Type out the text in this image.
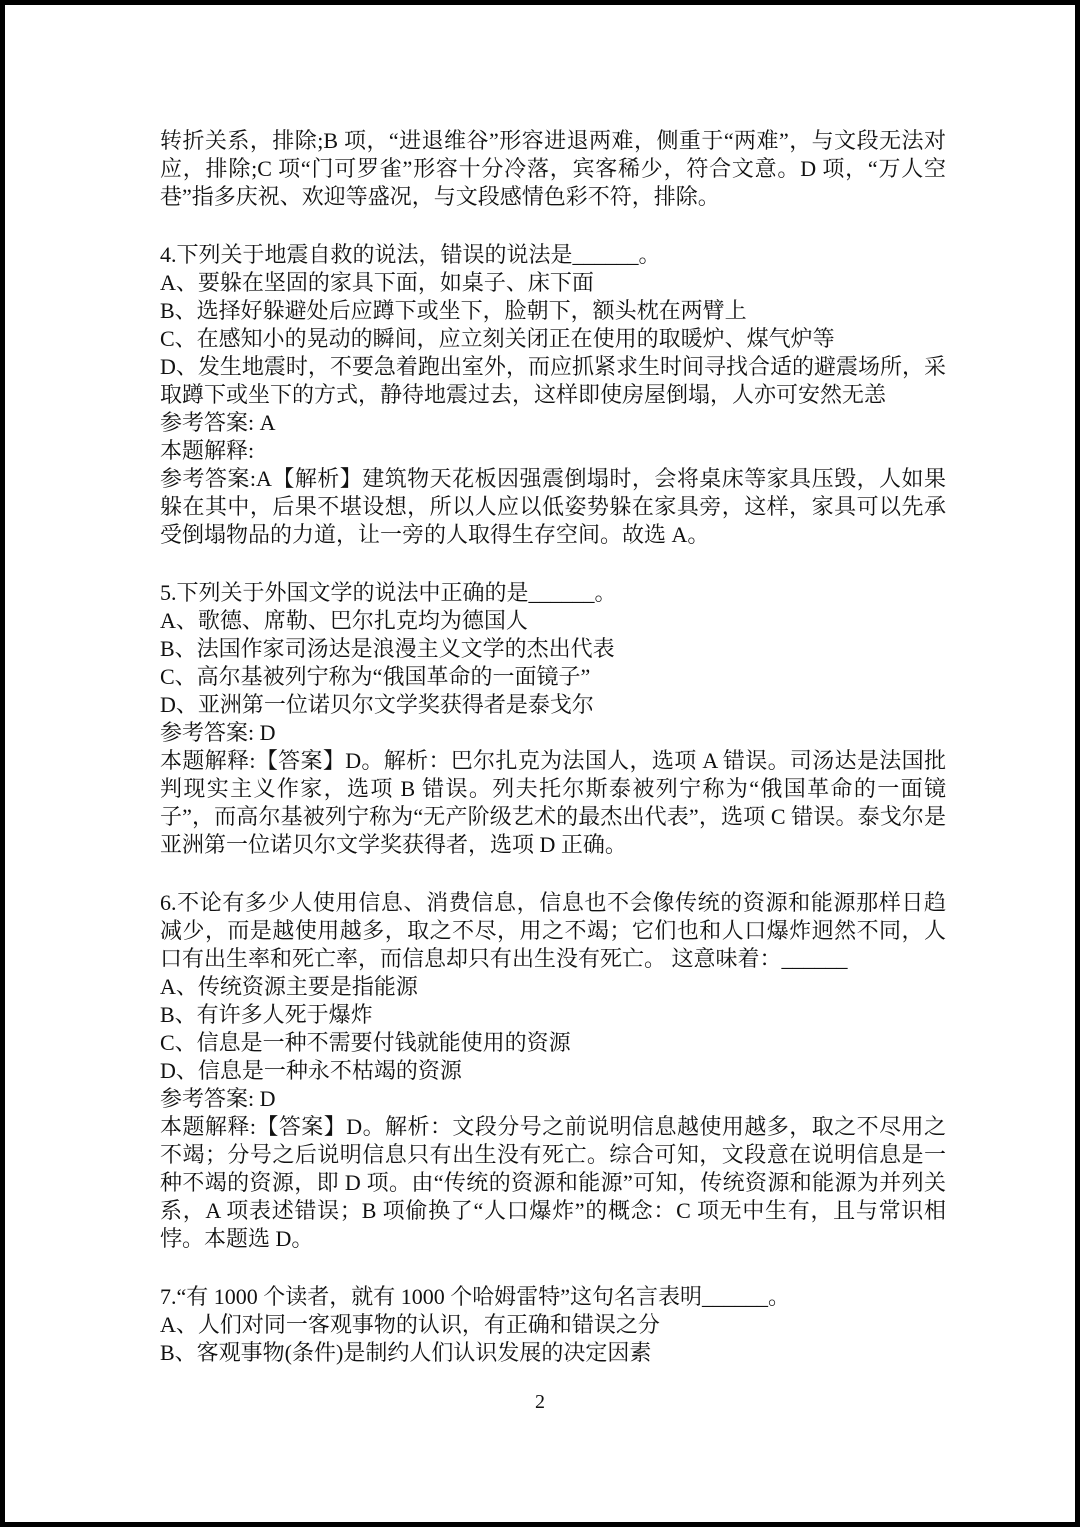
转折关系，排除;B 项，“进退维谷”形容进退两难，侧重于“两难”，与文段无法对应，排除;C 项“门可罗雀”形容十分冷落，宾客稀少，符合文意。D 项，“万人空巷”指多庆祝、欢迎等盛况，与文段感情色彩不符，排除。

4.下列关于地震自救的说法，错误的说法是______。

A、要躲在坚固的家具下面，如桌子、床下面

B、选择好躲避处后应蹲下或坐下，脸朝下，额头枕在两臂上

C、在感知小的晃动的瞬间，应立刻关闭正在使用的取暖炉、煤气炉等

D、发生地震时，不要急着跑出室外，而应抓紧求生时间寻找合适的避震场所，采取蹲下或坐下的方式，静待地震过去，这样即使房屋倒塌，人亦可安然无恙

参考答案: A

本题解释:

参考答案:A【解析】建筑物天花板因强震倒塌时，会将桌床等家具压毁，人如果躲在其中，后果不堪设想，所以人应以低姿势躲在家具旁，这样，家具可以先承受倒塌物品的力道，让一旁的人取得生存空间。故选 A。

5.下列关于外国文学的说法中正确的是______。

A、歌德、席勒、巴尔扎克均为德国人

B、法国作家司汤达是浪漫主义文学的杰出代表

C、高尔基被列宁称为“俄国革命的一面镜子”

D、亚洲第一位诺贝尔文学奖获得者是泰戈尔

参考答案: D

本题解释:【答案】D。解析：巴尔扎克为法国人，选项 A 错误。司汤达是法国批判现实主义作家，选项 B 错误。列夫托尔斯泰被列宁称为“俄国革命的一面镜子”，而高尔基被列宁称为“无产阶级艺术的最杰出代表”，选项 C 错误。泰戈尔是亚洲第一位诺贝尔文学奖获得者，选项 D 正确。

6.不论有多少人使用信息、消费信息，信息也不会像传统的资源和能源那样日趋减少，而是越使用越多，取之不尽，用之不竭；它们也和人口爆炸迥然不同，人口有出生率和死亡率，而信息却只有出生没有死亡。 这意味着：______

A、传统资源主要是指能源

B、有许多人死于爆炸

C、信息是一种不需要付钱就能使用的资源

D、信息是一种永不枯竭的资源

参考答案: D

本题解释:【答案】D。解析：文段分号之前说明信息越使用越多，取之不尽用之不竭；分号之后说明信息只有出生没有死亡。综合可知，文段意在说明信息是一种不竭的资源，即 D 项。由“传统的资源和能源”可知，传统资源和能源为并列关系，A 项表述错误；B 项偷换了“人口爆炸”的概念：C 项无中生有，且与常识相悖。本题选 D。

7.“有 1000 个读者，就有 1000 个哈姆雷特”这句名言表明______。

A、人们对同一客观事物的认识，有正确和错误之分

B、客观事物(条件)是制约人们认识发展的决定因素

2
